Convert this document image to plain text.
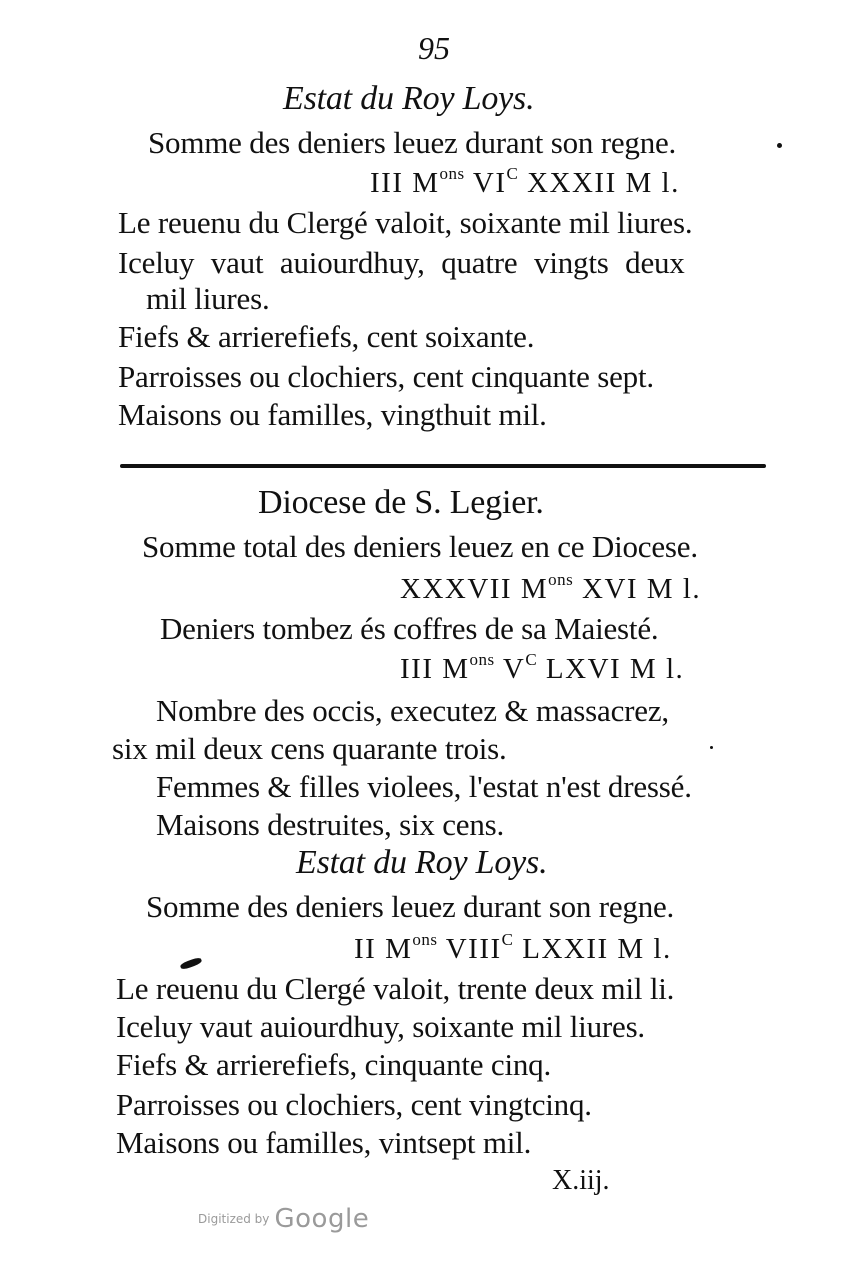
95
Estat du Roy Loys.
Somme des deniers leuez durant son regne.
III $M^{ons}$ $VI^C$ XXXII M l.
Le reuenu du Clergé valoit, soixante mil liures.
Iceluy vaut auiourdhuy, quatre vingts deux
mil liures.
Fiefs & arrierefiefs, cent soixante.
Parroisses ou clochiers, cent cinquante sept.
Maisons ou familles, vingthuit mil.
Diocese de S. Legier.
Somme total des deniers leuez en ce Diocese.
XXXVII $M^{ons}$ XVI M l.
Deniers tombez és coffres de sa Maiesté.
III $M^{ons}$ $V^C$ LXVI M l.
Nombre des occis, executez & massacrez,
six mil deux cens quarante trois.
Femmes & filles violees, l'estat n'est dressé.
Maisons destruites, six cens.
Estat du Roy Loys.
Somme des deniers leuez durant son regne.
II $M^{ons}$ $VIII^C$ LXXII M l.
Le reuenu du Clergé valoit, trente deux mil li.
Iceluy vaut auiourdhuy, soixante mil liures.
Fiefs & arrierefiefs, cinquante cinq.
Parroisses ou clochiers, cent vingtcinq.
Maisons ou familles, vintsept mil.
X.iij.
$^{Digitized by}$ Google
